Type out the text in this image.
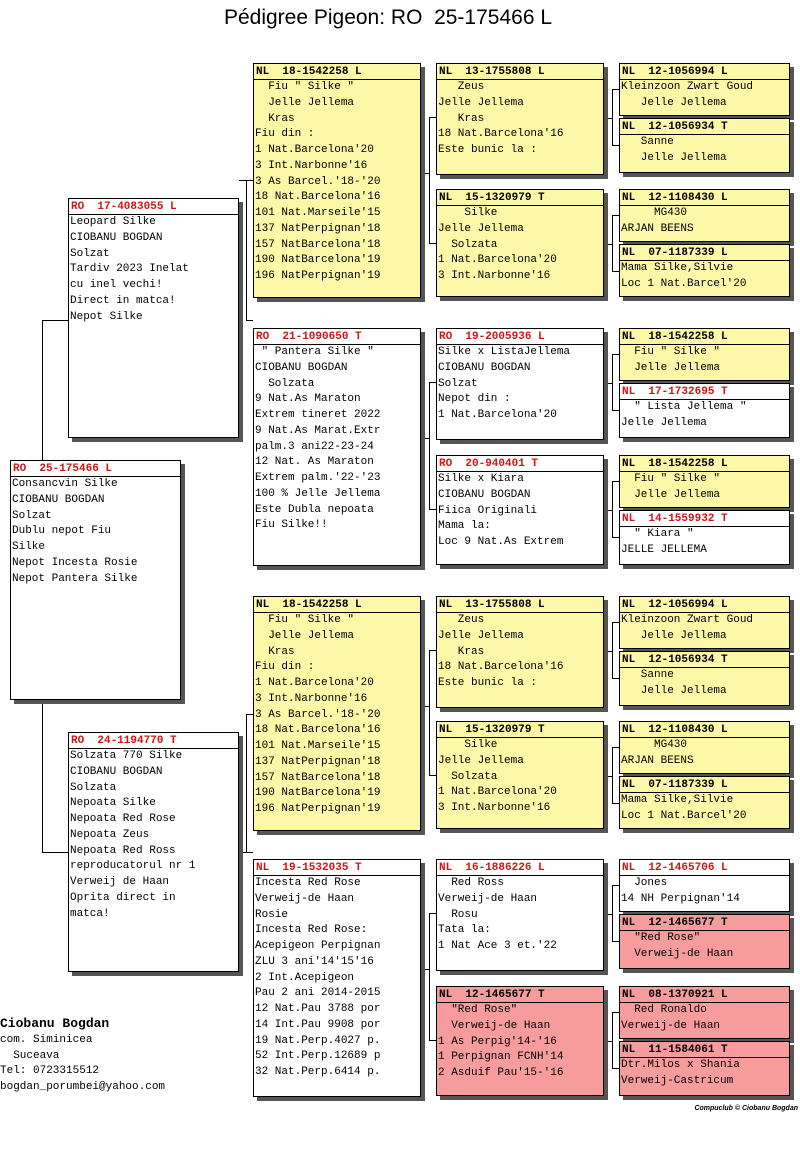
Pédigree Pigeon: RO  25-175466 L
RO  25-175466 L
Consancvin Silke
CIOBANU BOGDAN
Solzat
Dublu nepot Fiu
Silke
Nepot Incesta Rosie
Nepot Pantera Silke
RO  17-4083055 L
Leopard Silke
CIOBANU BOGDAN
Solzat
Tardiv 2023 Inelat
cu inel vechi!
Direct in matca!
Nepot Silke
RO  24-1194770 T
Solzata 770 Silke
CIOBANU BOGDAN
Solzata
Nepoata Silke
Nepoata Red Rose
Nepoata Zeus
Nepoata Red Ross
reproducatorul nr 1
Verweij de Haan
Oprita direct in
matca!
NL  18-1542258 L
Fiu " Silke "
Jelle Jellema
Kras
Fiu din :
1 Nat.Barcelona'20
3 Int.Narbonne'16
3 As Barcel.'18-'20
18 Nat.Barcelona'16
101 Nat.Marseile'15
137 NatPerpignan'18
157 NatBarcelona'18
190 NatBarcelona'19
196 NatPerpignan'19
RO  21-1090650 T
" Pantera Silke "
CIOBANU BOGDAN
Solzata
9 Nat.As Maraton
Extrem tineret 2022
9 Nat.As Marat.Extr
palm.3 ani22-23-24
12 Nat. As Maraton
Extrem palm.'22-'23
100 % Jelle Jellema
Este Dubla nepoata
Fiu Silke!!
NL  18-1542258 L
Fiu " Silke "
Jelle Jellema
Kras
Fiu din :
1 Nat.Barcelona'20
3 Int.Narbonne'16
3 As Barcel.'18-'20
18 Nat.Barcelona'16
101 Nat.Marseile'15
137 NatPerpignan'18
157 NatBarcelona'18
190 NatBarcelona'19
196 NatPerpignan'19
NL  19-1532035 T
Incesta Red Rose
Verweij-de Haan
Rosie
Incesta Red Rose:
Acepigeon Perpignan
ZLU 3 ani'14'15'16
2 Int.Acepigeon
Pau 2 ani 2014-2015
12 Nat.Pau 3788 por
14 Int.Pau 9908 por
19 Nat.Perp.4027 p.
52 Int.Perp.12689 p
32 Nat.Perp.6414 p.
NL  13-1755808 L
Zeus
Jelle Jellema
Kras
18 Nat.Barcelona'16
Este bunic la :
NL  15-1320979 T
Silke
Jelle Jellema
Solzata
1 Nat.Barcelona'20
3 Int.Narbonne'16
RO  19-2005936 L
Silke x ListaJellema
CIOBANU BOGDAN
Solzat
Nepot din :
1 Nat.Barcelona'20
RO  20-940401 T
Silke x Kiara
CIOBANU BOGDAN
Fiica Originali
Mama la:
Loc 9 Nat.As Extrem
NL  13-1755808 L
Zeus
Jelle Jellema
Kras
18 Nat.Barcelona'16
Este bunic la :
NL  15-1320979 T
Silke
Jelle Jellema
Solzata
1 Nat.Barcelona'20
3 Int.Narbonne'16
NL  16-1886226 L
Red Ross
Verweij-de Haan
Rosu
Tata la:
1 Nat Ace 3 et.'22
NL  12-1465677 T
"Red Rose"
Verweij-de Haan
1 As Perpig'14-'16
1 Perpignan FCNH'14
2 Asduif Pau'15-'16
NL  12-1056994 L
Kleinzoon Zwart Goud
Jelle Jellema
NL  12-1056934 T
Sanne
Jelle Jellema
NL  12-1108430 L
MG430
ARJAN BEENS
NL  07-1187339 L
Mama Silke,Silvie
Loc 1 Nat.Barcel'20
NL  18-1542258 L
Fiu " Silke "
Jelle Jellema
NL  17-1732695 T
" Lista Jellema "
Jelle Jellema
NL  18-1542258 L
Fiu " Silke "
Jelle Jellema
NL  14-1559932 T
" Kiara "
JELLE JELLEMA
NL  12-1056994 L
Kleinzoon Zwart Goud
Jelle Jellema
NL  12-1056934 T
Sanne
Jelle Jellema
NL  12-1108430 L
MG430
ARJAN BEENS
NL  07-1187339 L
Mama Silke,Silvie
Loc 1 Nat.Barcel'20
NL  12-1465706 L
Jones
14 NH Perpignan'14
NL  12-1465677 T
"Red Rose"
Verweij-de Haan
NL  08-1370921 L
Red Ronaldo
Verweij-de Haan
NL  11-1584061 T
Dtr.Milos x Shania
Verweij-Castricum
Ciobanu Bogdan
com. Siminicea
Suceava
Tel: 0723315512
bogdan_porumbei@yahoo.com
Compuclub © Ciobanu Bogdan
